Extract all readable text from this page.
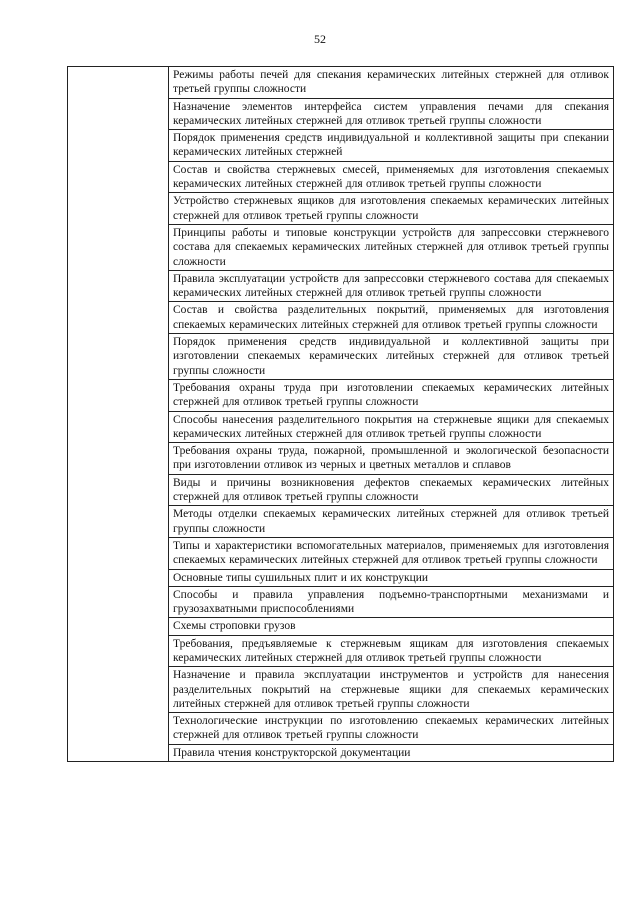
52
	Режимы работы печей для спекания керамических литейных стержней для отливок третьей группы сложности
Назначение элементов интерфейса систем управления печами для спекания керамических литейных стержней для отливок третьей группы сложности
Порядок применения средств индивидуальной и коллективной защиты при спекании керамических литейных стержней
Состав и свойства стержневых смесей, применяемых для изготовления спекаемых керамических литейных стержней для отливок третьей группы сложности
Устройство стержневых ящиков для изготовления спекаемых керамических литейных стержней для отливок третьей группы сложности
Принципы работы и типовые конструкции устройств для запрессовки стержневого состава для спекаемых керамических литейных стержней для отливок третьей группы сложности
Правила эксплуатации устройств для запрессовки стержневого состава для спекаемых керамических литейных стержней для отливок третьей группы сложности
Состав и свойства разделительных покрытий, применяемых для изготовления спекаемых керамических литейных стержней для отливок третьей группы сложности
Порядок применения средств индивидуальной и коллективной защиты при изготовлении спекаемых керамических литейных стержней для отливок третьей группы сложности
Требования охраны труда при изготовлении спекаемых керамических литейных стержней для отливок третьей группы сложности
Способы нанесения разделительного покрытия на стержневые ящики для спекаемых керамических литейных стержней для отливок третьей группы сложности
Требования охраны труда, пожарной, промышленной и экологической безопасности при изготовлении отливок из черных и цветных металлов и сплавов
Виды и причины возникновения дефектов спекаемых керамических литейных стержней для отливок третьей группы сложности
Методы отделки спекаемых керамических литейных стержней для отливок третьей группы сложности
Типы и характеристики вспомогательных материалов, применяемых для изготовления спекаемых керамических литейных стержней для отливок третьей группы сложности
Основные типы сушильных плит и их конструкции
Способы и правила управления подъемно-транспортными механизмами и грузозахватными приспособлениями
Схемы строповки грузов
Требования, предъявляемые к стержневым ящикам для изготовления спекаемых керамических литейных стержней для отливок третьей группы сложности
Назначение и правила эксплуатации инструментов и устройств для нанесения разделительных покрытий на стержневые ящики для спекаемых керамических литейных стержней для отливок третьей группы сложности
Технологические инструкции по изготовлению спекаемых керамических литейных стержней для отливок третьей группы сложности
Правила чтения конструкторской документации
